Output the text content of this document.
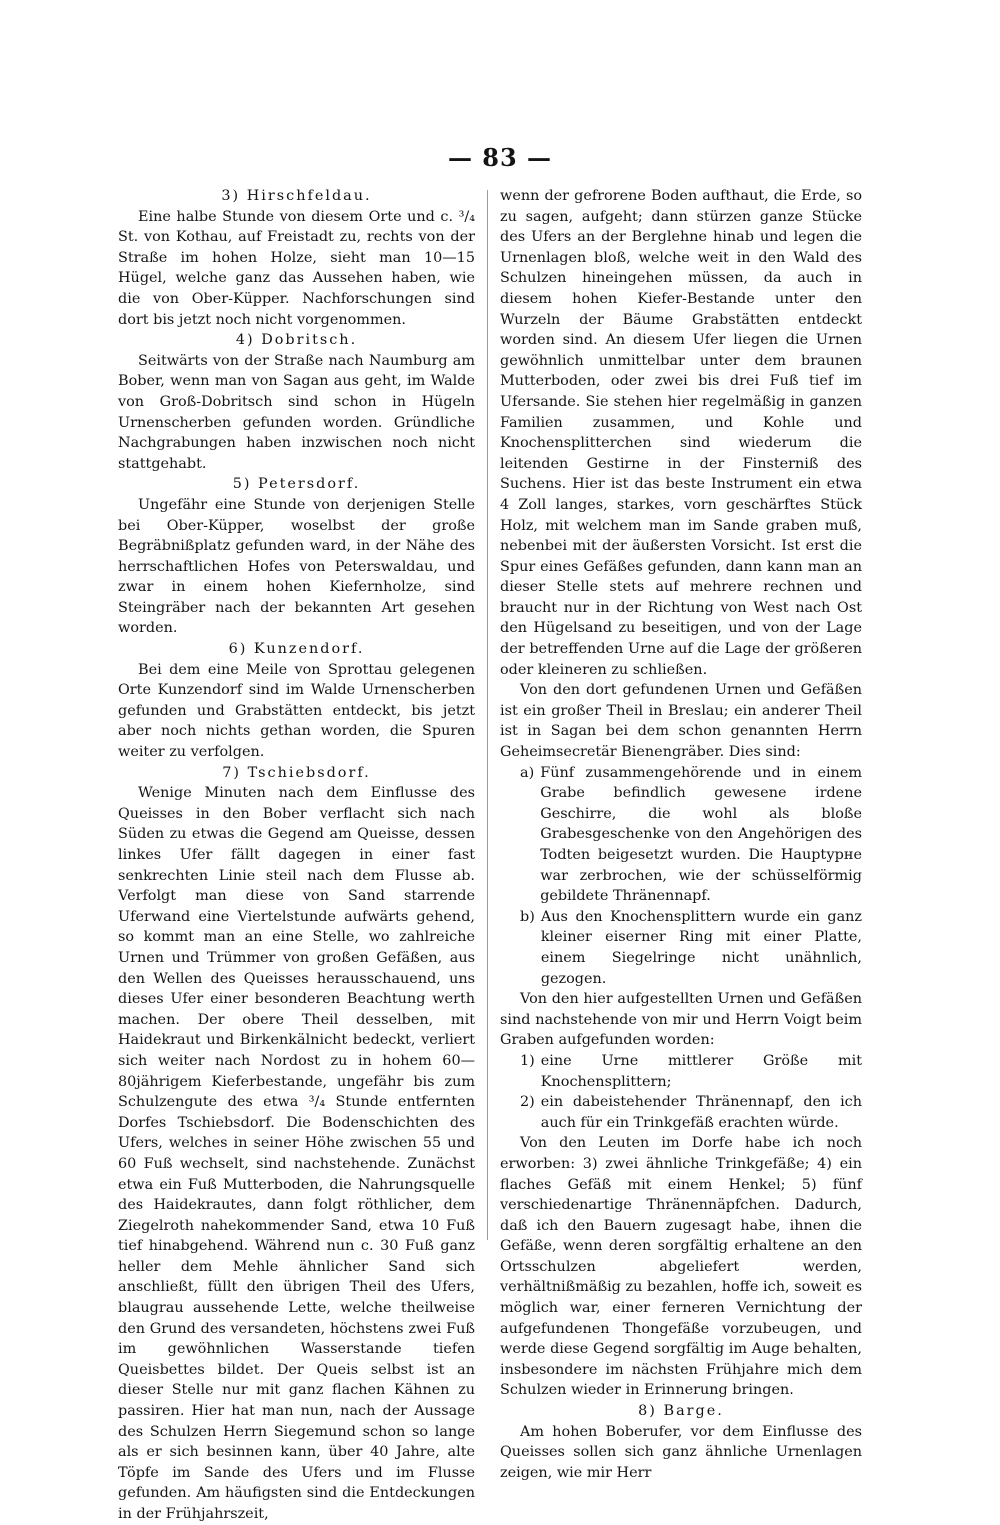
— 83 —
3) Hirschfeldau.

Eine halbe Stunde von diesem Orte und c. ³/₄ St. von Kothau, auf Freistadt zu, rechts von der Straße im hohen Holze, sieht man 10—15 Hügel, welche ganz das Aussehen haben, wie die von Ober-Küpper. Nachforschungen sind dort bis jetzt noch nicht vorgenommen.

4) Dobritsch.

Seitwärts von der Straße nach Naumburg am Bober, wenn man von Sagan aus geht, im Walde von Groß-Dobritsch sind schon in Hügeln Urnenscherben gefunden worden. Gründliche Nachgrabungen haben inzwischen noch nicht stattgehabt.

5) Petersdorf.

Ungefähr eine Stunde von derjenigen Stelle bei Ober-Küpper, woselbst der große Begräbnißplatz gefunden ward, in der Nähe des herrschaftlichen Hofes von Peterswaldau, und zwar in einem hohen Kiefernholze, sind Steingräber nach der bekannten Art gesehen worden.

6) Kunzendorf.

Bei dem eine Meile von Sprottau gelegenen Orte Kunzendorf sind im Walde Urnenscherben gefunden und Grabstätten entdeckt, bis jetzt aber noch nichts gethan worden, die Spuren weiter zu verfolgen.

7) Tschiebsdorf.

Wenige Minuten nach dem Einflusse des Queisses in den Bober verflacht sich nach Süden zu etwas die Gegend am Queisse, dessen linkes Ufer fällt dagegen in einer fast senkrechten Linie steil nach dem Flusse ab. Verfolgt man diese von Sand starrende Uferwand eine Viertelstunde aufwärts gehend, so kommt man an eine Stelle, wo zahlreiche Urnen und Trümmer von großen Gefäßen, aus den Wellen des Queisses herausschauend, uns dieses Ufer einer besonderen Beachtung werth machen. Der obere Theil desselben, mit Haidekraut und Birkenkälnicht bedeckt, verliert sich weiter nach Nordost zu in hohem 60—80jährigem Kieferbestande, ungefähr bis zum Schulzengute des etwa ³/₄ Stunde entfernten Dorfes Tschiebsdorf. Die Bodenschichten des Ufers, welches in seiner Höhe zwischen 55 und 60 Fuß wechselt, sind nachstehende. Zunächst etwa ein Fuß Mutterboden, die Nahrungsquelle des Haidekrautes, dann folgt röthlicher, dem Ziegelroth nahekommender Sand, etwa 10 Fuß tief hinabgehend. Während nun c. 30 Fuß ganz heller dem Mehle ähnlicher Sand sich anschließt, füllt den übrigen Theil des Ufers, blaugrau aussehende Lette, welche theilweise den Grund des versandeten, höchstens zwei Fuß im gewöhnlichen Wasserstande tiefen Queisbettes bildet. Der Queis selbst ist an dieser Stelle nur mit ganz flachen Kähnen zu passiren. Hier hat man nun, nach der Aussage des Schulzen Herrn Siegemund schon so lange als er sich besinnen kann, über 40 Jahre, alte Töpfe im Sande des Ufers und im Flusse gefunden. Am häufigsten sind die Entdeckungen in der Frühjahrszeit,

wenn der gefrorene Boden aufthaut, die Erde, so zu sagen, aufgeht; dann stürzen ganze Stücke des Ufers an der Berglehne hinab und legen die Urnenlagen bloß, welche weit in den Wald des Schulzen hineingehen müssen, da auch in diesem hohen Kiefer-Bestande unter den Wurzeln der Bäume Grabstätten entdeckt worden sind. An diesem Ufer liegen die Urnen gewöhnlich unmittelbar unter dem braunen Mutterboden, oder zwei bis drei Fuß tief im Ufersande. Sie stehen hier regelmäßig in ganzen Familien zusammen, und Kohle und Knochensplitterchen sind wiederum die leitenden Gestirne in der Finsterniß des Suchens. Hier ist das beste Instrument ein etwa 4 Zoll langes, starkes, vorn geschärftes Stück Holz, mit welchem man im Sande graben muß, nebenbei mit der äußersten Vorsicht. Ist erst die Spur eines Gefäßes gefunden, dann kann man an dieser Stelle stets auf mehrere rechnen und braucht nur in der Richtung von West nach Ost den Hügelsand zu beseitigen, und von der Lage der betreffenden Urne auf die Lage der größeren oder kleineren zu schließen.

Von den dort gefundenen Urnen und Gefäßen ist ein großer Theil in Breslau; ein anderer Theil ist in Sagan bei dem schon genannten Herrn Geheimsecretär Bienengräber. Dies sind:

a) Fünf zusammengehörende und in einem Grabe befindlich gewesene irdene Geschirre, die wohl als bloße Grabesgeschenke von den Angehörigen des Todten beigesetzt wurden. Die Hauptурне war zerbrochen, wie der schüsselförmig gebildete Thränennapf.
b) Aus den Knochensplittern wurde ein ganz kleiner eiserner Ring mit einer Platte, einem Siegelringe nicht unähnlich, gezogen.

Von den hier aufgestellten Urnen und Gefäßen sind nachstehende von mir und Herrn Voigt beim Graben aufgefunden worden:

1) eine Urne mittlerer Größe mit Knochensplittern;
2) ein dabeistehender Thränennapf, den ich auch für ein Trinkgefäß erachten würde.

Von den Leuten im Dorfe habe ich noch erworben: 3) zwei ähnliche Trinkgefäße; 4) ein flaches Gefäß mit einem Henkel; 5) fünf verschiedenartige Thränennäpfchen. Dadurch, daß ich den Bauern zugesagt habe, ihnen die Gefäße, wenn deren sorgfältig erhaltene an den Ortsschulzen abgeliefert werden, verhältnißmäßig zu bezahlen, hoffe ich, soweit es möglich war, einer ferneren Vernichtung der aufgefundenen Thongefäße vorzubeugen, und werde diese Gegend sorgfältig im Auge behalten, insbesondere im nächsten Frühjahre mich dem Schulzen wieder in Erinnerung bringen.

8) Barge.

Am hohen Boberufer, vor dem Einflusse des Queisses sollen sich ganz ähnliche Urnenlagen zeigen, wie mir Herr
